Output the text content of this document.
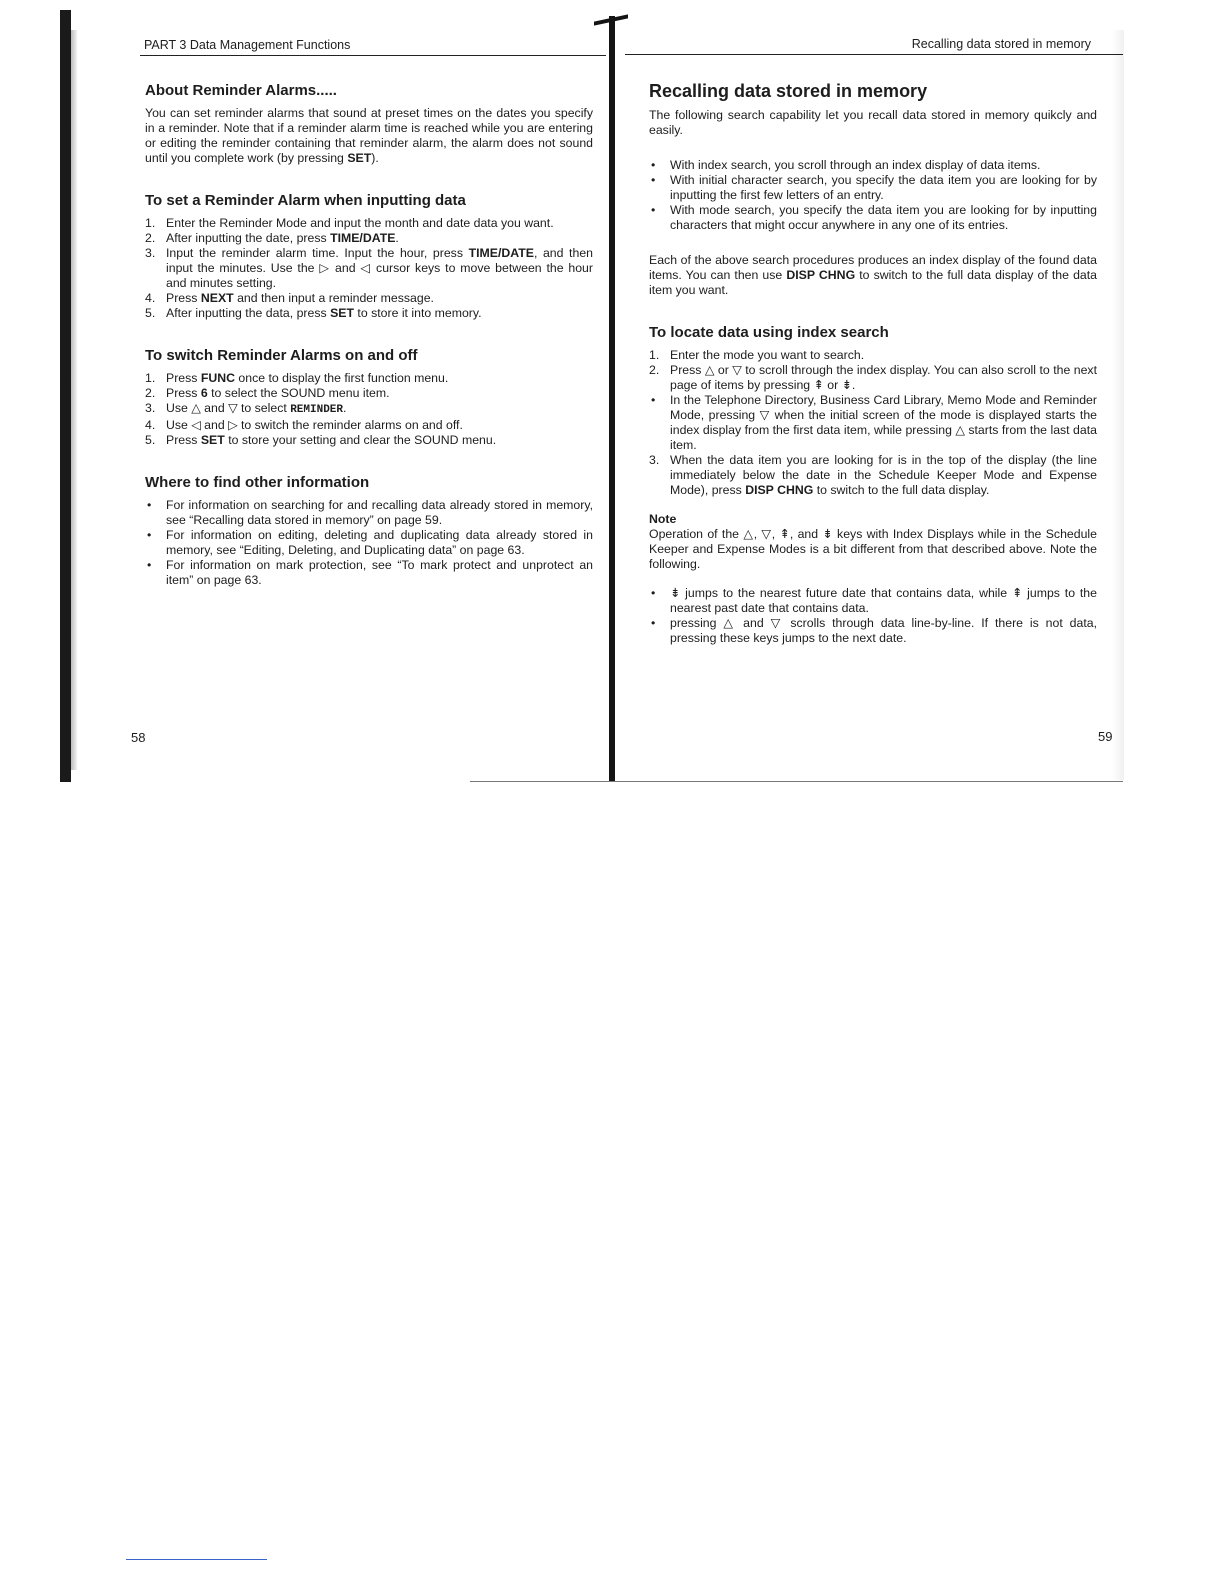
PART 3 Data Management Functions	Recalling data stored in memory
About Reminder Alarms.....

You can set reminder alarms that sound at preset times on the dates you specify in a reminder. Note that if a reminder alarm time is reached while you are entering or editing the reminder containing that reminder alarm, the alarm does not sound until you complete work (by pressing SET).

To set a Reminder Alarm when inputting data
1. Enter the Reminder Mode and input the month and date data you want.
2. After inputting the date, press TIME/DATE.
3. Input the reminder alarm time. Input the hour, press TIME/DATE, and then input the minutes. Use the ▷ and ◁ cursor keys to move between the hour and minutes setting.
4. Press NEXT and then input a reminder message.
5. After inputting the data, press SET to store it into memory.
To switch Reminder Alarms on and off
1. Press FUNC once to display the first function menu.
2. Press 6 to select the SOUND menu item.
3. Use △ and ▽ to select REMINDER.
4. Use ◁ and ▷ to switch the reminder alarms on and off.
5. Press SET to store your setting and clear the SOUND menu.
Where to find other information
• For information on searching for and recalling data already stored in memory, see “Recalling data stored in memory” on page 59.
• For information on editing, deleting and duplicating data already stored in memory, see “Editing, Deleting, and Duplicating data” on page 63.
• For information on mark protection, see “To mark protect and unprotect an item” on page 63.
58
Recalling data stored in memory

The following search capability let you recall data stored in memory quikcly and easily.

• With index search, you scroll through an index display of data items.
• With initial character search, you specify the data item you are looking for by inputting the first few letters of an entry.
• With mode search, you specify the data item you are looking for by inputting characters that might occur anywhere in any one of its entries.

Each of the above search procedures produces an index display of the found data items. You can then use DISP CHNG to switch to the full data display of the data item you want.

To locate data using index search
1. Enter the mode you want to search.
2. Press △ or ▽ to scroll through the index display. You can also scroll to the next page of items by pressing ⇞ or ⇟.
• In the Telephone Directory, Business Card Library, Memo Mode and Reminder Mode, pressing ▽ when the initial screen of the mode is displayed starts the index display from the first data item, while pressing △ starts from the last data item.
3. When the data item you are looking for is in the top of the display (the line immediately below the date in the Schedule Keeper Mode and Expense Mode), press DISP CHNG to switch to the full data display.
Note

Operation of the △, ▽, ⇞, and ⇟ keys with Index Displays while in the Schedule Keeper and Expense Modes is a bit different from that described above. Note the following.

• ⇟ jumps to the nearest future date that contains data, while ⇞ jumps to the nearest past date that contains data.
• pressing △ and ▽ scrolls through data line-by-line. If there is not data, pressing these keys jumps to the next date.
59
